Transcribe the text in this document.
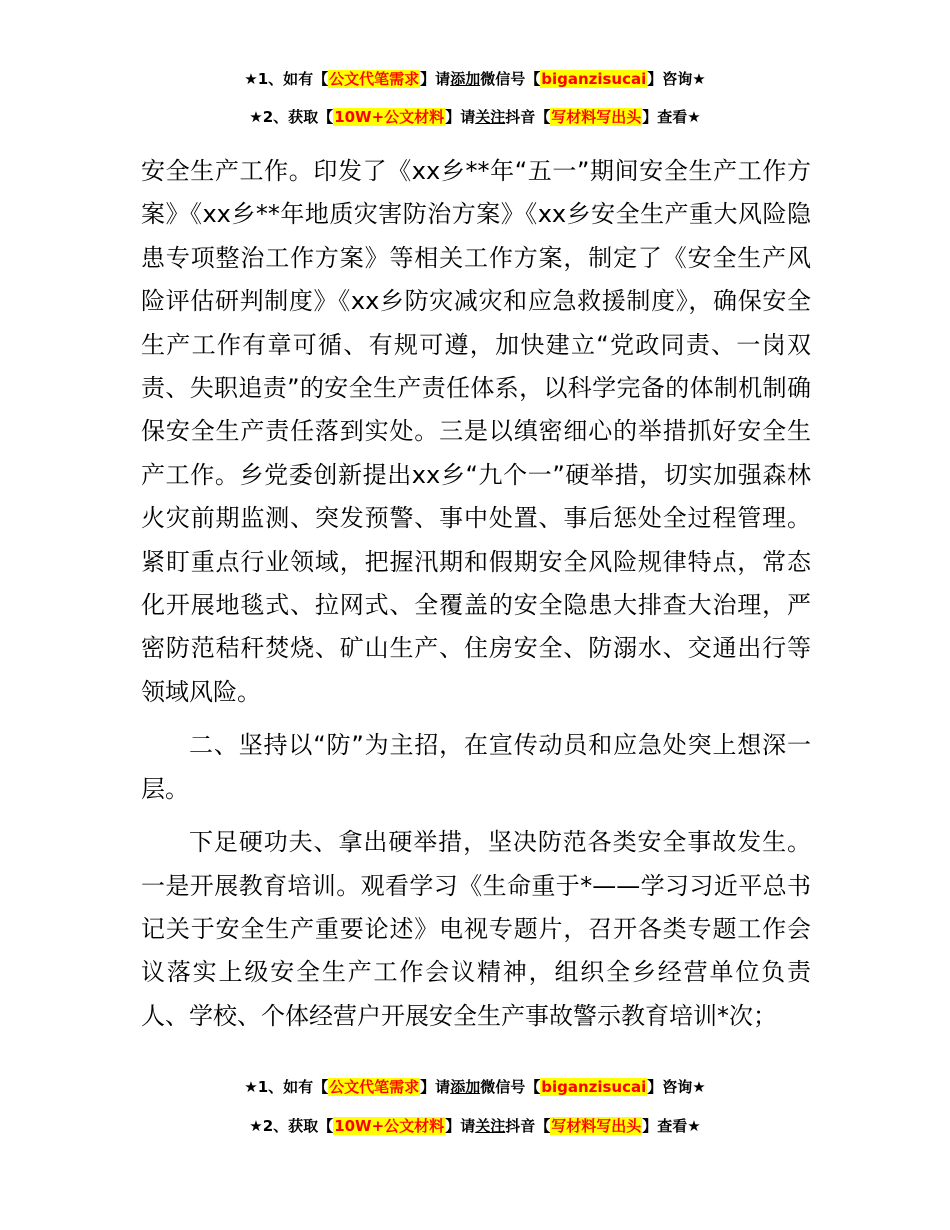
★1、如有【公文代笔需求】请添加微信号【biganzisucai】咨询★
★2、获取【10W+公文材料】请关注抖音【写材料写出头】查看★

安全生产工作。印发了《xx乡**年“五一”期间安全生产工作方案》《xx乡**年地质灾害防治方案》《xx乡安全生产重大风险隐患专项整治工作方案》等相关工作方案，制定了《安全生产风险评估研判制度》《xx乡防灾减灾和应急救援制度》，确保安全生产工作有章可循、有规可遵，加快建立“党政同责、一岗双责、失职追责”的安全生产责任体系，以科学完备的体制机制确保安全生产责任落到实处。三是以缜密细心的举措抓好安全生产工作。乡党委创新提出xx乡“九个一”硬举措，切实加强森林火灾前期监测、突发预警、事中处置、事后惩处全过程管理。紧盯重点行业领域，把握汛期和假期安全风险规律特点，常态化开展地毯式、拉网式、全覆盖的安全隐患大排查大治理，严密防范秸秆焚烧、矿山生产、住房安全、防溺水、交通出行等领域风险。

二、坚持以“防”为主招，在宣传动员和应急处突上想深一层。

下足硬功夫、拿出硬举措，坚决防范各类安全事故发生。一是开展教育培训。观看学习《生命重于*——学习习近平总书记关于安全生产重要论述》电视专题片，召开各类专题工作会议落实上级安全生产工作会议精神，组织全乡经营单位负责人、学校、个体经营户开展安全生产事故警示教育培训*次；

★1、如有【公文代笔需求】请添加微信号【biganzisucai】咨询★
★2、获取【10W+公文材料】请关注抖音【写材料写出头】查看★
